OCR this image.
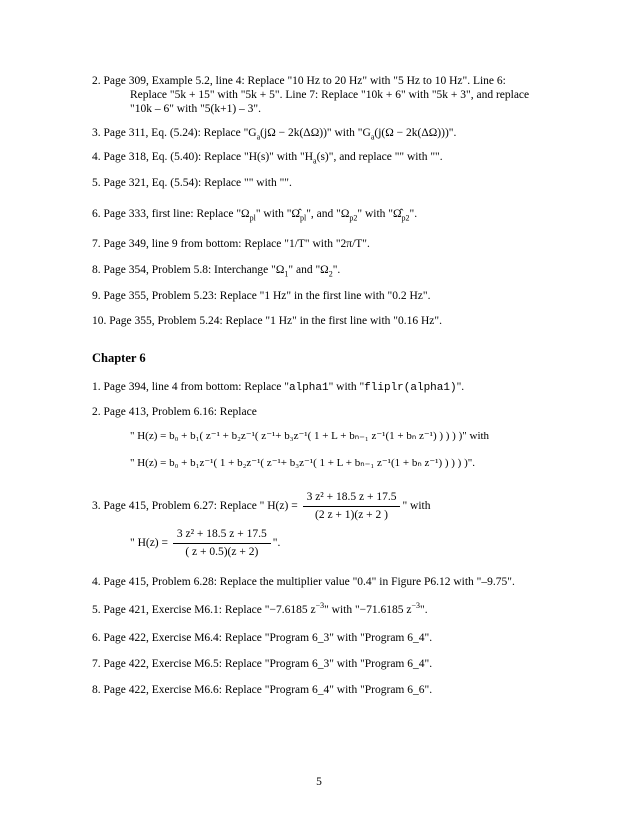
2. Page 309, Example 5.2, line 4: Replace "10 Hz to 20 Hz" with "5 Hz to 10 Hz". Line 6:
Replace "5k + 15" with "5k + 5". Line 7: Replace "10k + 6" with "5k + 3", and replace
"10k – 6" with "5(k+1) – 3".
3. Page 311, Eq. (5.24): Replace "$G_a(j\Omega - 2k(\Delta\Omega))$" with "$G_a(j(\Omega - 2k(\Delta\Omega)))$".
4. Page 318, Eq. (5.40): Replace "H(s)" with "$H_a(s)$", and replace "" with "".
5. Page 321, Eq. (5.54): Replace "" with "".
6. Page 333, first line: Replace "$\Omega_{pl}$" with "$\Omegâ_{pl}$", and "$\Omega_{p2}$" with "$\Omegâ_{p2}$".
7. Page 349, line 9 from bottom: Replace "1/T" with "2π/T".
8. Page 354, Problem 5.8: Interchange "$\Omega_1$" and "$\Omega_2$".
9. Page 355, Problem 5.23: Replace "1 Hz" in the first line with "0.2 Hz".
10. Page 355, Problem 5.24: Replace "1 Hz" in the first line with "0.16 Hz".
Chapter 6
1. Page 394, line 4 from bottom: Replace "alpha1" with "fliplr(alpha1)".
2. Page 413, Problem 6.16: Replace
" H(z) = b₀ + b₁( z⁻¹ + b₂z⁻¹( z⁻¹+ b₃z⁻¹( 1 + L + bₙ₋₁ z⁻¹(1 + bₙ z⁻¹) ) ) ) )" with
" H(z) = b₀ + b₁z⁻¹( 1 + b₂z⁻¹( z⁻¹+ b₃z⁻¹( 1 + L + bₙ₋₁ z⁻¹(1 + bₙ z⁻¹) ) ) ) )".
3. Page 415, Problem 6.27: Replace " $H(z) = \frac{\text{3 z² + 18.5 z + 17.5}}{(2 z + 1)(z + 2 )}$ " with
" $H(z) = \frac{\text{3 z² + 18.5 z + 17.5}}{( z + 0.5)(z + 2)}$ ".
4. Page 415, Problem 6.28: Replace the multiplier value "0.4" in Figure P6.12 with "–9.75".
5. Page 421, Exercise M6.1: Replace "−7.6185 $z^{-3}$" with "−71.6185 $z^{-3}$".
6. Page 422, Exercise M6.4: Replace "Program 6_3" with "Program 6_4".
7. Page 422, Exercise M6.5: Replace "Program 6_3" with "Program 6_4".
8. Page 422, Exercise M6.6: Replace "Program 6_4" with "Program 6_6".
5
